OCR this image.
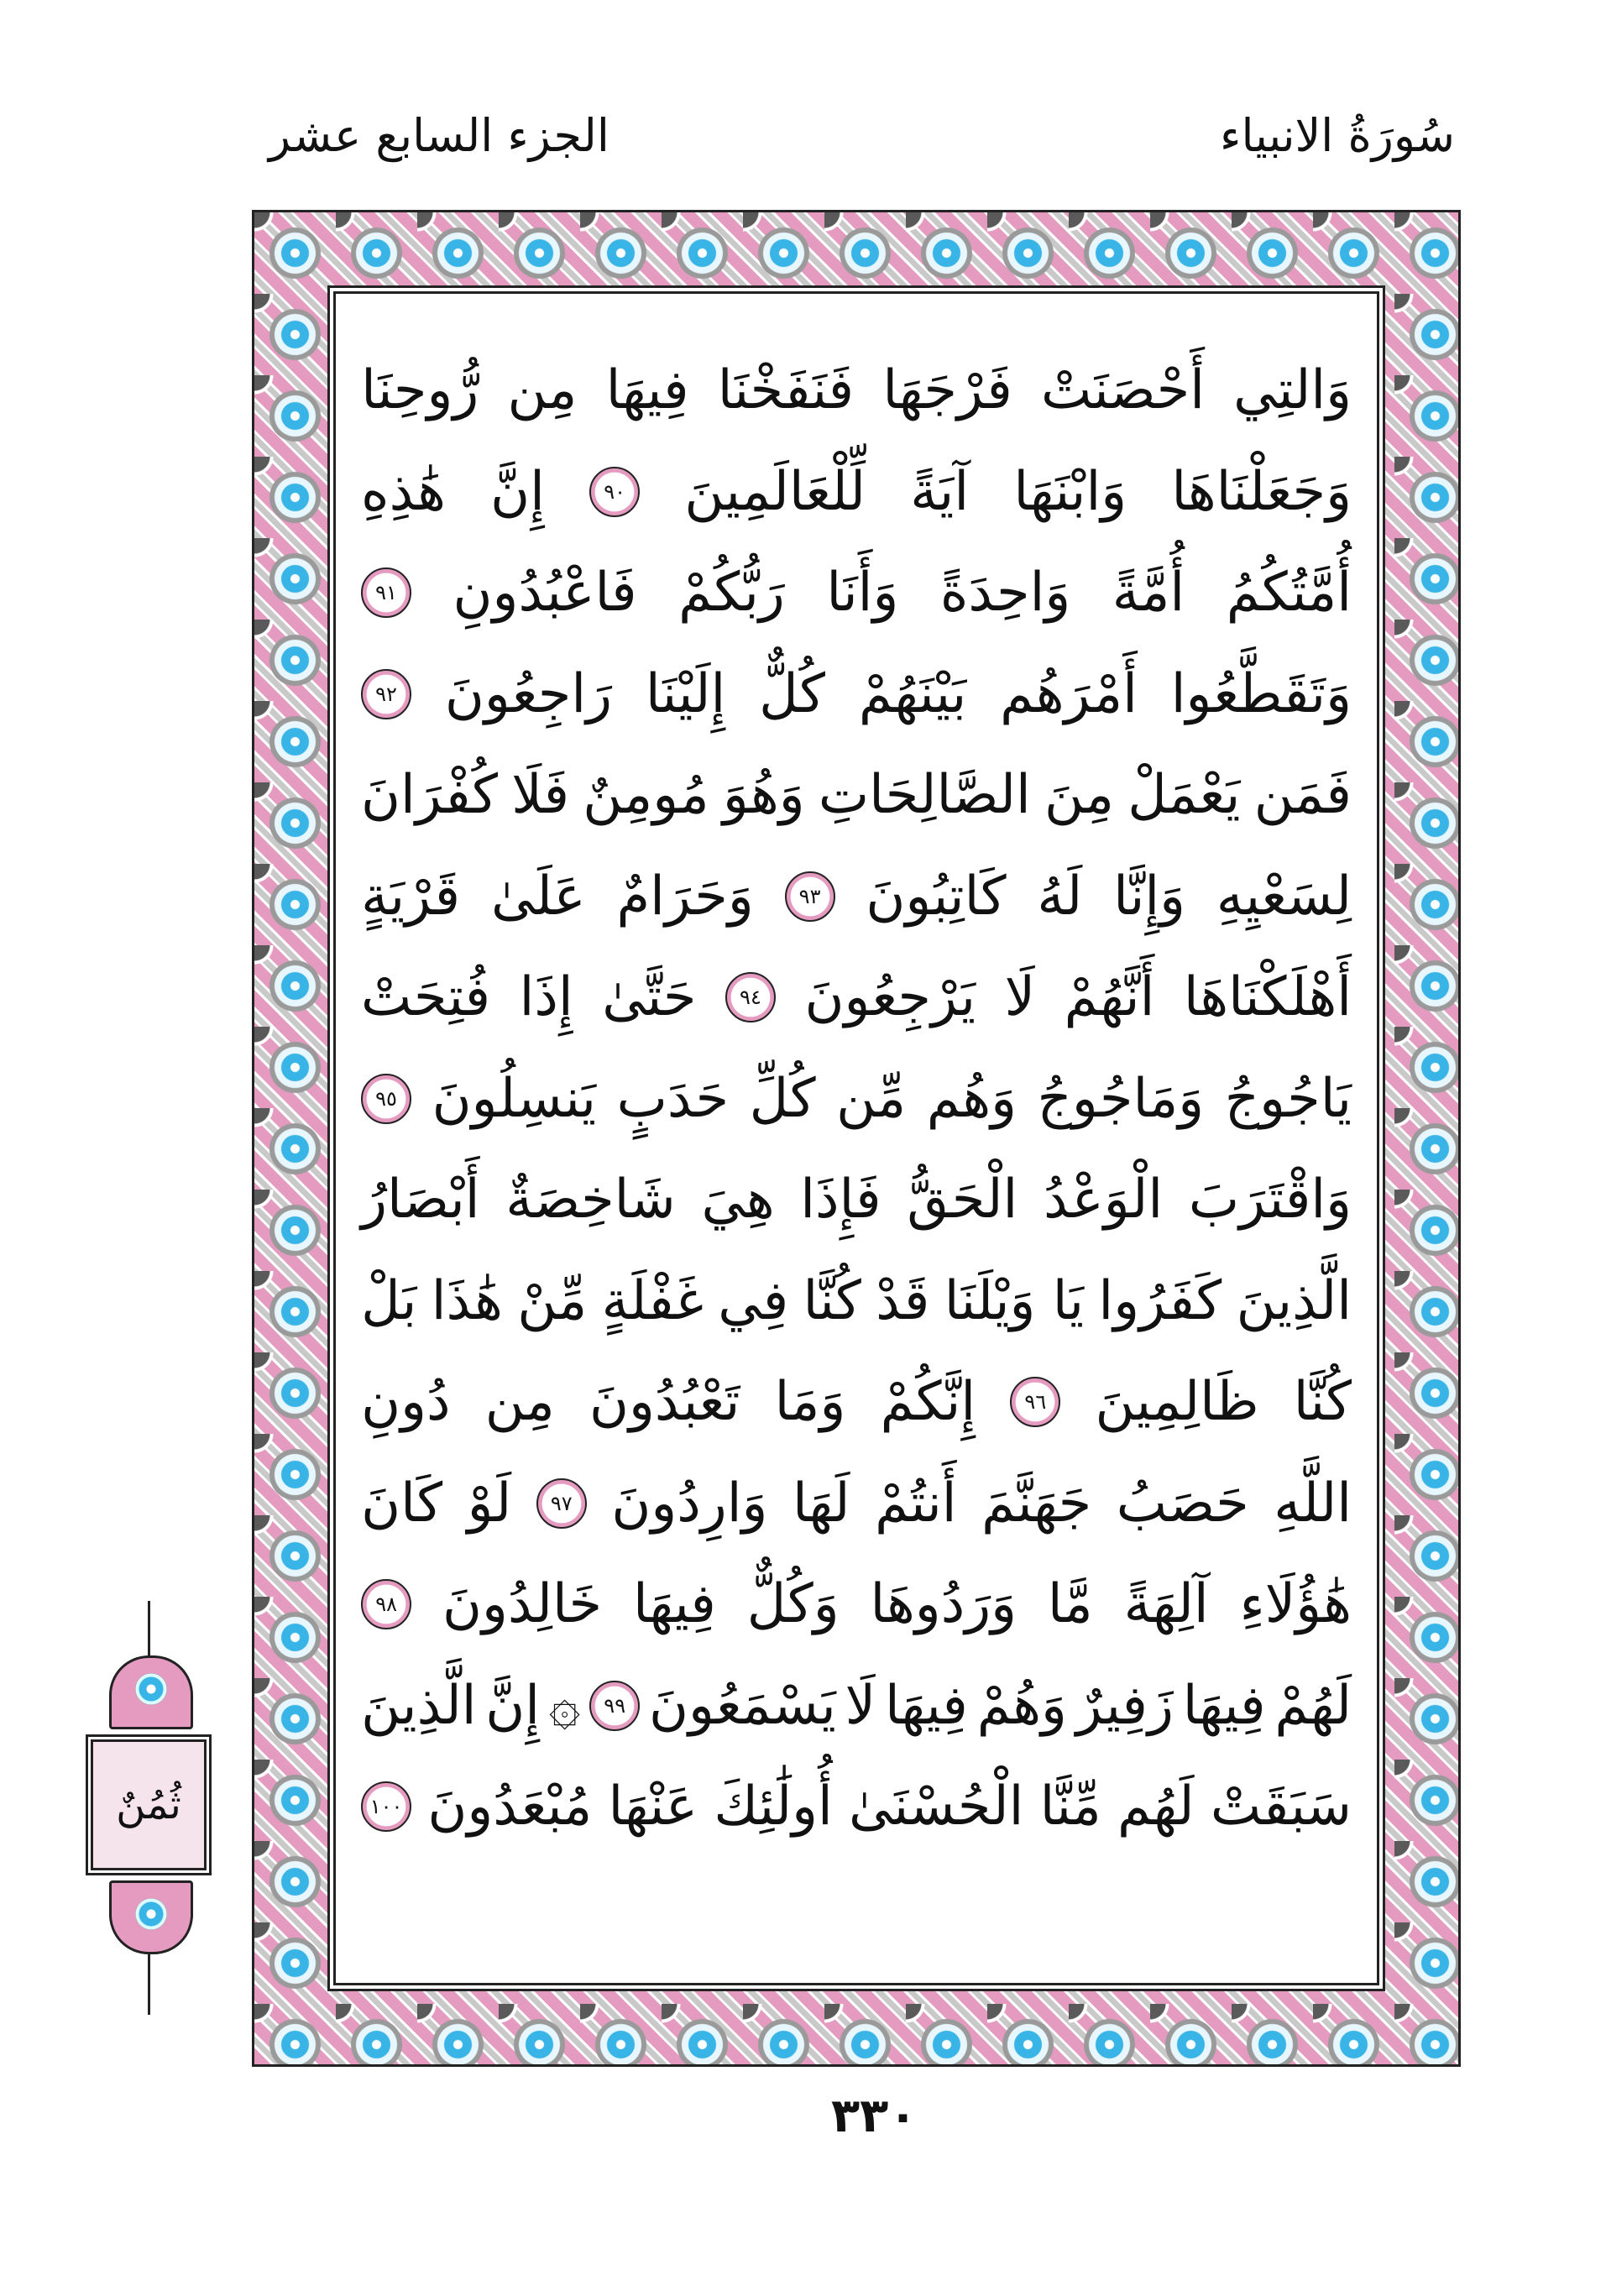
سُورَةُ الانبياء
الجزء السابع عشر
وَالتِي
أَحْصَنَتْ
فَرْجَهَا
فَنَفَخْنَا
فِيهَا
مِن
رُّوحِنَا
وَجَعَلْنَاهَا
وَابْنَهَا
آيَةً
لِّلْعَالَمِينَ
٩٠
إِنَّ
هَٰذِهِ
أُمَّتُكُمُ
أُمَّةً
وَاحِدَةً
وَأَنَا
رَبُّكُمْ
فَاعْبُدُونِ
٩١
وَتَقَطَّعُوا
أَمْرَهُم
بَيْنَهُمْ
كُلٌّ
إِلَيْنَا
رَاجِعُونَ
٩٢
فَمَن
يَعْمَلْ
مِنَ
الصَّالِحَاتِ
وَهُوَ
مُومِنٌ
فَلَا
كُفْرَانَ
لِسَعْيِهِ
وَإِنَّا
لَهُ
كَاتِبُونَ
٩٣
وَحَرَامٌ
عَلَىٰ
قَرْيَةٍ
أَهْلَكْنَاهَا
أَنَّهُمْ
لَا
يَرْجِعُونَ
٩٤
حَتَّىٰ
إِذَا
فُتِحَتْ
يَاجُوجُ
وَمَاجُوجُ
وَهُم
مِّن
كُلِّ
حَدَبٍ
يَنسِلُونَ
٩٥
وَاقْتَرَبَ
الْوَعْدُ
الْحَقُّ
فَإِذَا
هِيَ
شَاخِصَةٌ
أَبْصَارُ
الَّذِينَ
كَفَرُوا
يَا وَيْلَنَا
قَدْ
كُنَّا
فِي
غَفْلَةٍ
مِّنْ
هَٰذَا
بَلْ
كُنَّا
ظَالِمِينَ
٩٦
إِنَّكُمْ
وَمَا
تَعْبُدُونَ
مِن
دُونِ
اللَّهِ
حَصَبُ
جَهَنَّمَ
أَنتُمْ
لَهَا
وَارِدُونَ
٩٧
لَوْ
كَانَ
هَٰؤُلَاءِ
آلِهَةً
مَّا
وَرَدُوهَا
وَكُلٌّ
فِيهَا
خَالِدُونَ
٩٨
لَهُمْ
فِيهَا
زَفِيرٌ
وَهُمْ
فِيهَا
لَا
يَسْمَعُونَ
٩٩
۞
إِنَّ
الَّذِينَ
سَبَقَتْ
لَهُم
مِّنَّا
الْحُسْنَىٰ
أُولَٰئِكَ
عَنْهَا
مُبْعَدُونَ
١٠٠
ثُمُنٌ
٣٣٠
